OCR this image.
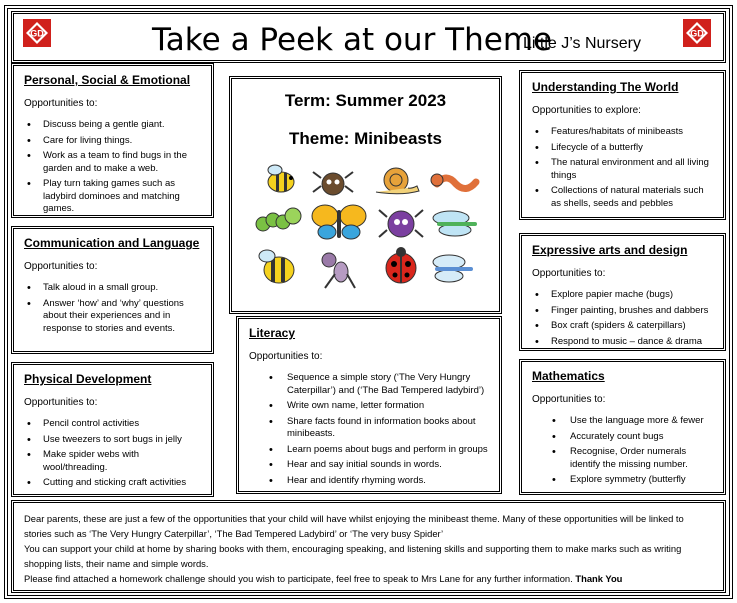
GD	GD
Take a Peek at our Theme
Little J’s Nursery
Personal, Social & Emotional
Opportunities to:
• Discuss being a gentle giant.
• Care for living things.
• Work as a team to find bugs in the garden and to make a web.
• Play turn taking games such as ladybird dominoes and matching games.
Communication and Language
Opportunities to:
• Talk aloud in a small group.
• Answer ‘how’ and ‘why’ questions about their experiences and in response to stories and events.
Physical Development
Opportunities to:
• Pencil control activities
• Use tweezers to sort bugs in jelly
• Make spider webs with wool/threading.
• Cutting and sticking craft activities
Term: Summer 2023
Theme: Minibeasts
Literacy
Opportunities to:
• Sequence a simple story (‘The Very Hungry Caterpillar’) and (‘The Bad Tempered ladybird’)
• Write own name, letter formation
• Share facts found in information books about minibeasts.
• Learn poems about bugs and perform in groups
• Hear and say initial sounds in words.
• Hear and identify rhyming words.
Understanding The World
Opportunities to explore:
• Features/habitats of minibeasts
• Lifecycle of a butterfly
• The natural environment and all living things
• Collections of natural materials such as shells, seeds and pebbles
Expressive arts and design
Opportunities to:
• Explore papier mache (bugs)
• Finger painting, brushes and dabbers
• Box craft (spiders & caterpillars)
• Respond to music – dance & drama
Mathematics
Opportunities to:
• Use the language more & fewer
• Accurately count bugs
• Recognise, Order numerals identify the missing number.
• Explore symmetry (butterfly
Dear parents, these are just a few of the opportunities that your child will have whilst enjoying the minibeast theme. Many of these opportunities will be linked to stories such as ‘The Very Hungry Caterpillar’, ‘The Bad Tempered Ladybird’ or ‘The very busy Spider’
You can support your child at home by sharing books with them, encouraging speaking, and listening skills and supporting them to make marks such as writing shopping lists, their name and simple words.
Please find attached a homework challenge should you wish to participate, feel free to speak to Mrs Lane for any further information. Thank You
